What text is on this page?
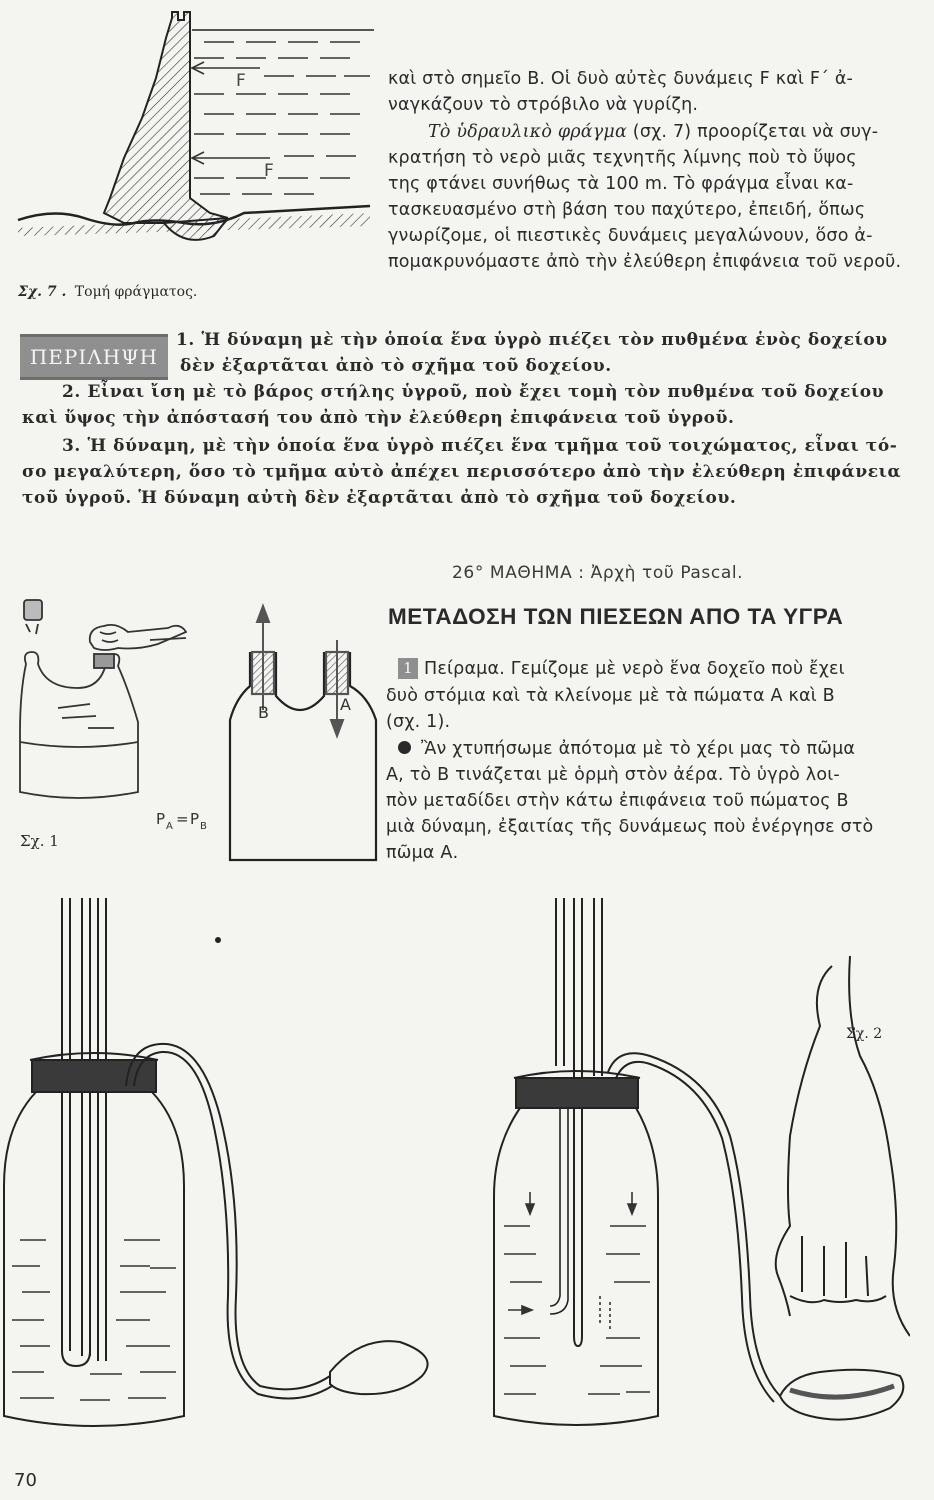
F
F
Σχ. 7 . Τομή φράγματος.
καὶ στὸ σημεῖο Β. Οἱ δυὸ αὐτὲς δυνάμεις F καὶ F΄ ἀ-
ναγκάζουν τὸ στρόβιλο νὰ γυρίζη.
Τὸ ὑδραυλικὸ φράγμα (σχ. 7) προορίζεται νὰ συγ-
κρατήση τὸ νερὸ μιᾶς τεχνητῆς λίμνης ποὺ τὸ ὕψος
της φτάνει συνήθως τὰ 100 m. Τὸ φράγμα εἶναι κα-
τασκευασμένο στὴ βάση του παχύτερο, ἐπειδή, ὅπως
γνωρίζομε, οἱ πιεστικὲς δυνάμεις μεγαλώνουν, ὅσο ἀ-
πομακρυνόμαστε ἀπὸ τὴν ἐλεύθερη ἐπιφάνεια τοῦ νεροῦ.
ΠΕΡΙΛΗΨΗ
1. Ἡ δύναμη μὲ τὴν ὁποία ἕνα ὑγρὸ πιέζει τὸν πυθμένα ἑνὸς δοχείου
δὲν ἐξαρτᾶται ἀπὸ τὸ σχῆμα τοῦ δοχείου.
2. Εἶναι ἴση μὲ τὸ βάρος στήλης ὑγροῦ, ποὺ ἔχει τομὴ τὸν πυθμένα τοῦ δοχείου
καὶ ὕψος τὴν ἀπόστασή του ἀπὸ τὴν ἐλεύθερη ἐπιφάνεια τοῦ ὑγροῦ.
3. Ἡ δύναμη, μὲ τὴν ὁποία ἕνα ὑγρὸ πιέζει ἕνα τμῆμα τοῦ τοιχώματος, εἶναι τό-
σο μεγαλύτερη, ὅσο τὸ τμῆμα αὐτὸ ἀπέχει περισσότερο ἀπὸ τὴν ἐλεύθερη ἐπιφάνεια
τοῦ ὑγροῦ. Ἡ δύναμη αὐτὴ δὲν ἐξαρτᾶται ἀπὸ τὸ σχῆμα τοῦ δοχείου.
26° ΜΑΘΗΜΑ : Ἀρχὴ τοῦ Pascal.
ΜΕΤΑΔΟΣΗ ΤΩΝ ΠΙΕΣΕΩΝ ΑΠΟ ΤΑ ΥΓΡΑ
1 Πείραμα. Γεμίζομε μὲ νερὸ ἕνα δοχεῖο ποὺ ἔχει
δυὸ στόμια καὶ τὰ κλείνομε μὲ τὰ πώματα Α καὶ Β
(σχ. 1).
Ἂν χτυπήσωμε ἀπότομα μὲ τὸ χέρι μας τὸ πῶμα
Α, τὸ Β τινάζεται μὲ ὁρμὴ στὸν ἀέρα. Τὸ ὑγρὸ λοι-
πὸν μεταδίδει στὴν κάτω ἐπιφάνεια τοῦ πώματος Β
μιὰ δύναμη, ἐξαιτίας τῆς δυνάμεως ποὺ ἐνέργησε στὸ
πῶμα Α.
Σχ. 1
Β	Α
P A = P B
Σχ. 2
70
